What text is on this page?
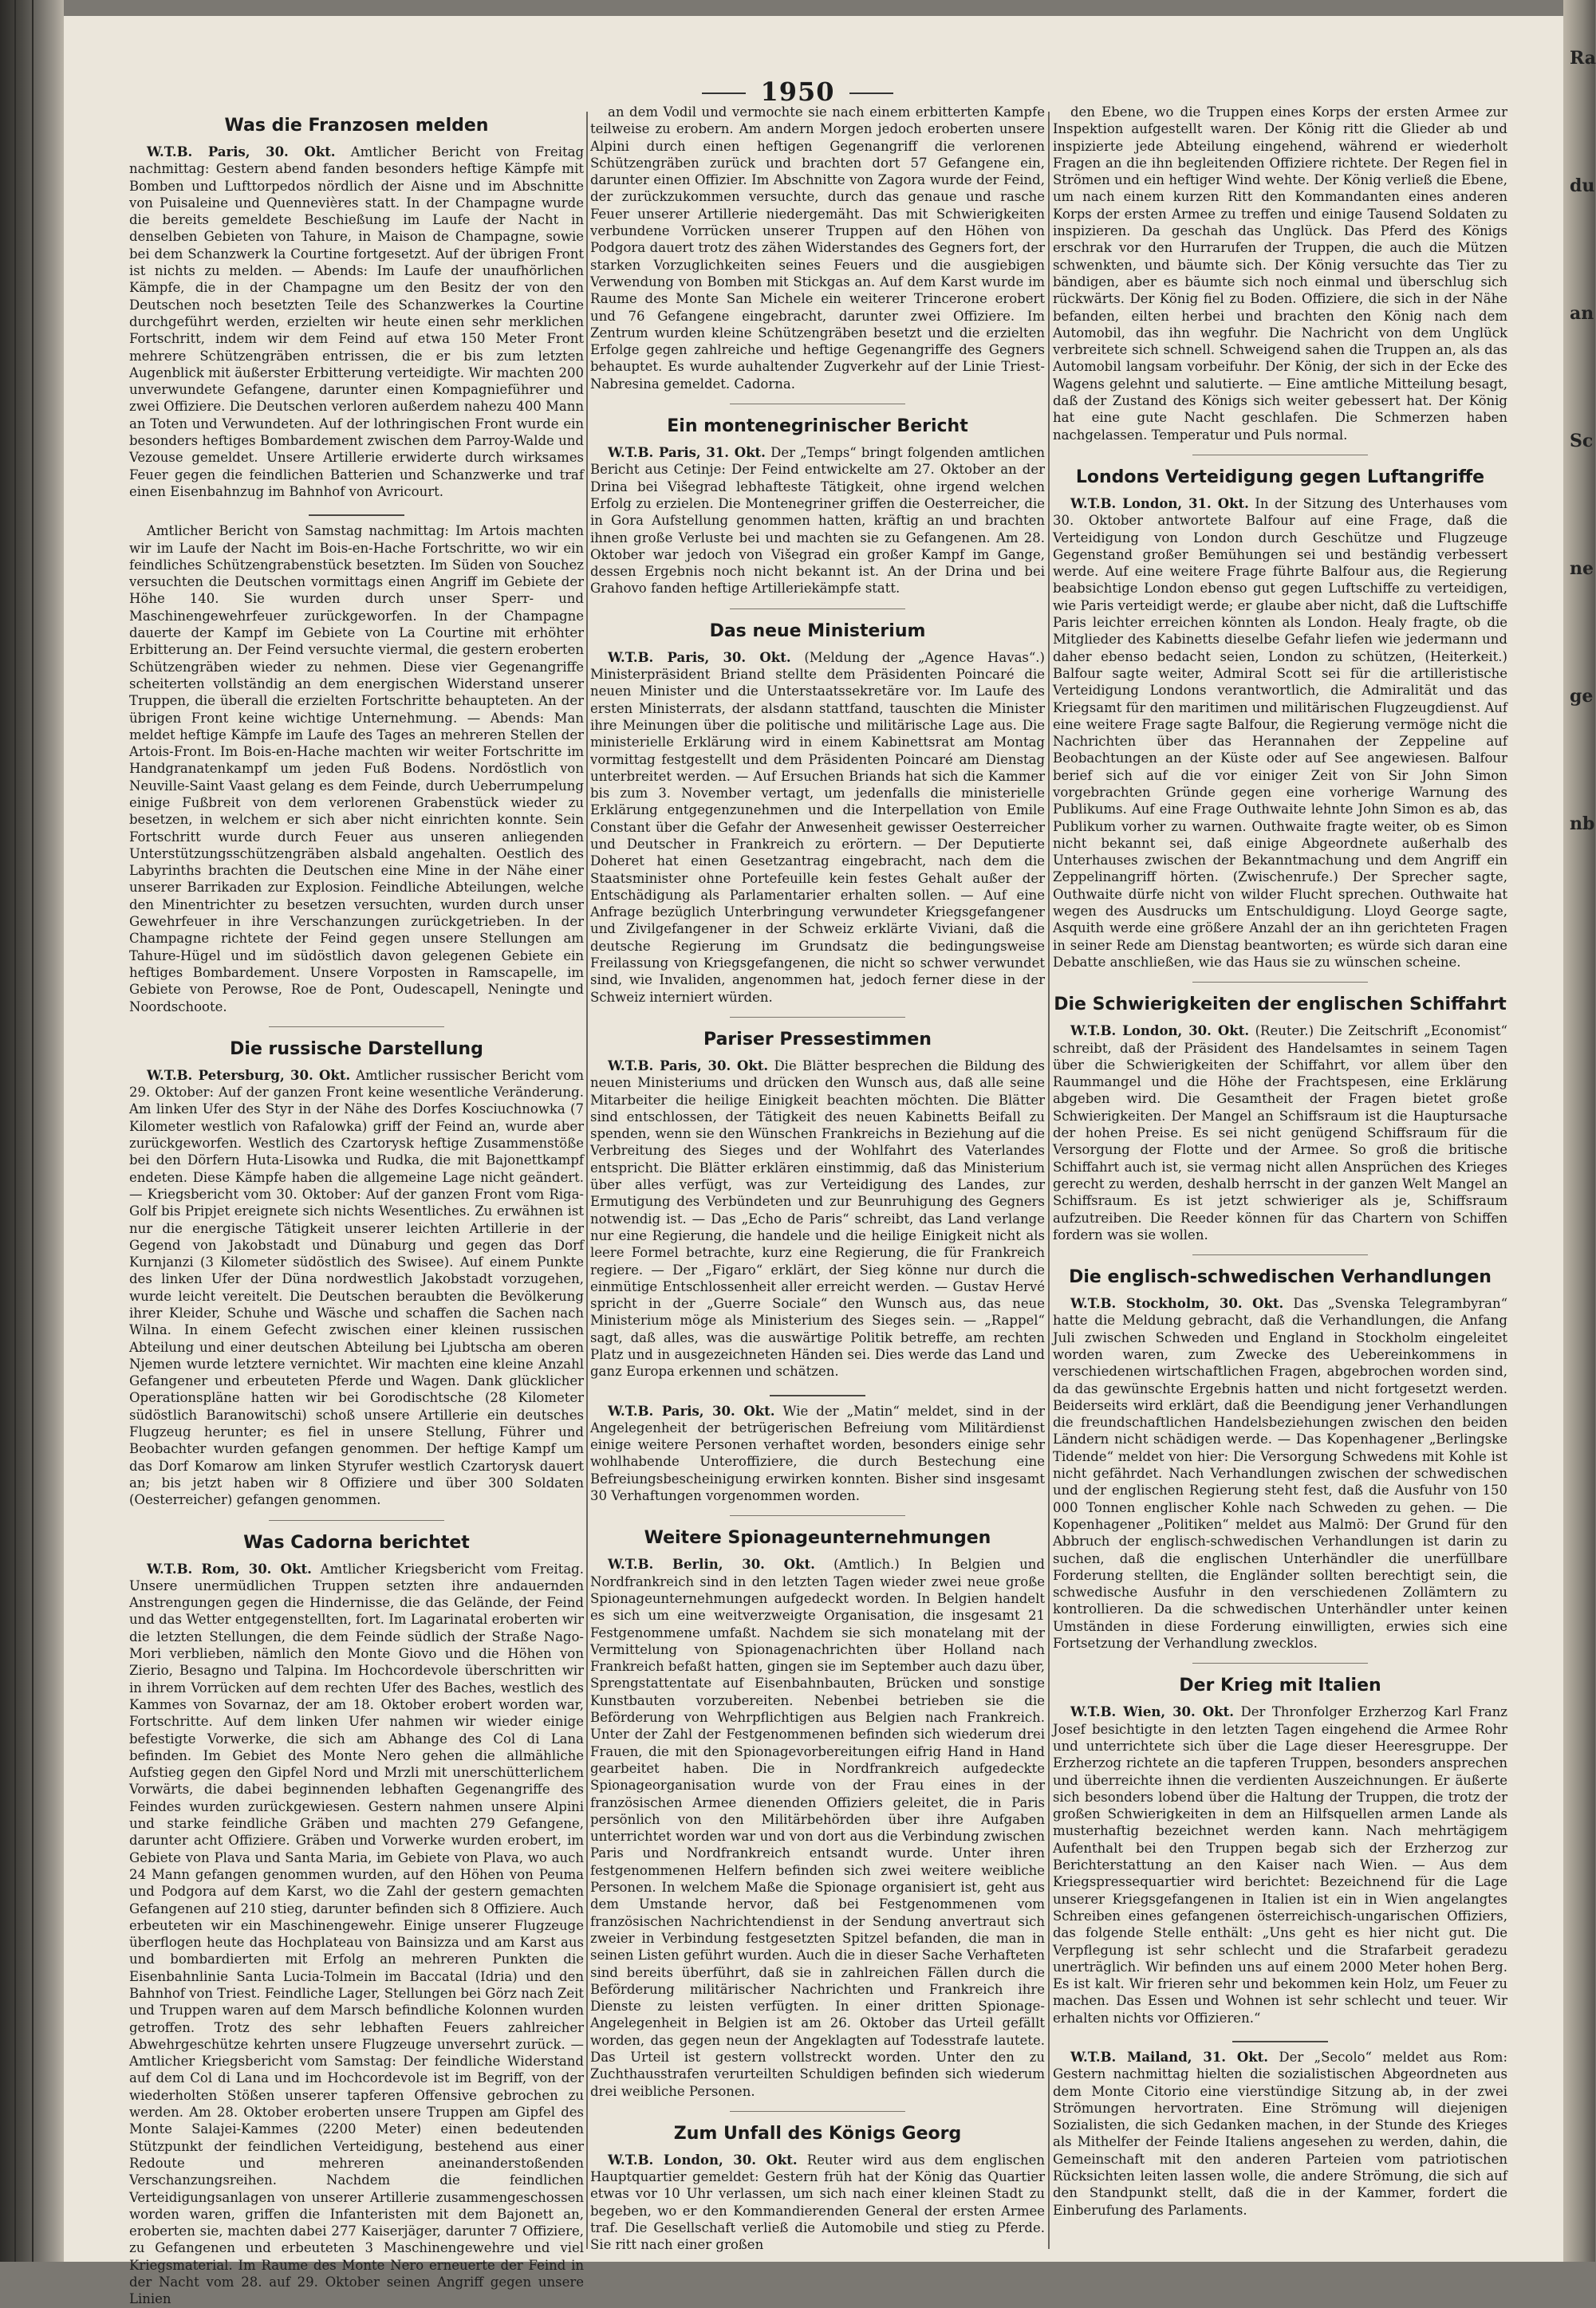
1950
Was die Franzosen melden

W.T.B. Paris, 30. Okt. Amtlicher Bericht von Freitag nachmittag: Gestern abend fanden besonders heftige Kämpfe mit Bomben und Lufttorpedos nördlich der Aisne und im Abschnitte von Puisaleine und Quennevières statt. In der Champagne wurde die bereits gemeldete Beschießung im Laufe der Nacht in denselben Gebieten von Tahure, in Maison de Champagne, sowie bei dem Schanzwerk la Courtine fortgesetzt. Auf der übrigen Front ist nichts zu melden. — Abends: Im Laufe der unaufhörlichen Kämpfe, die in der Champagne um den Besitz der von den Deutschen noch besetzten Teile des Schanzwerkes la Courtine durchgeführt werden, erzielten wir heute einen sehr merklichen Fortschritt, indem wir dem Feind auf etwa 150 Meter Front mehrere Schützengräben entrissen, die er bis zum letzten Augenblick mit äußerster Erbitterung verteidigte. Wir machten 200 unverwundete Gefangene, darunter einen Kompagnieführer und zwei Offiziere. Die Deutschen verloren außerdem nahezu 400 Mann an Toten und Verwundeten. Auf der lothringischen Front wurde ein besonders heftiges Bombardement zwischen dem Parroy-Walde und Vezouse gemeldet. Unsere Artillerie erwiderte durch wirksames Feuer gegen die feindlichen Batterien und Schanzwerke und traf einen Eisenbahnzug im Bahnhof von Avricourt.

Amtlicher Bericht von Samstag nachmittag: Im Artois machten wir im Laufe der Nacht im Bois-en-Hache Fortschritte, wo wir ein feindliches Schützengrabenstück besetzten. Im Süden von Souchez versuchten die Deutschen vormittags einen Angriff im Gebiete der Höhe 140. Sie wurden durch unser Sperr- und Maschinengewehrfeuer zurückgeworfen. In der Champagne dauerte der Kampf im Gebiete von La Courtine mit erhöhter Erbitterung an. Der Feind versuchte viermal, die gestern eroberten Schützengräben wieder zu nehmen. Diese vier Gegenangriffe scheiterten vollständig an dem energischen Widerstand unserer Truppen, die überall die erzielten Fortschritte behaupteten. An der übrigen Front keine wichtige Unternehmung. — Abends: Man meldet heftige Kämpfe im Laufe des Tages an mehreren Stellen der Artois-Front. Im Bois-en-Hache machten wir weiter Fortschritte im Handgranatenkampf um jeden Fuß Bodens. Nordöstlich von Neuville-Saint Vaast gelang es dem Feinde, durch Ueberrumpelung einige Fußbreit von dem verlorenen Grabenstück wieder zu besetzen, in welchem er sich aber nicht einrichten konnte. Sein Fortschritt wurde durch Feuer aus unseren anliegenden Unterstützungsschützengräben alsbald angehalten. Oestlich des Labyrinths brachten die Deutschen eine Mine in der Nähe einer unserer Barrikaden zur Explosion. Feindliche Abteilungen, welche den Minentrichter zu besetzen versuchten, wurden durch unser Gewehrfeuer in ihre Verschanzungen zurückgetrieben. In der Champagne richtete der Feind gegen unsere Stellungen am Tahure-Hügel und im südöstlich davon gelegenen Gebiete ein heftiges Bombardement. Unsere Vorposten in Ramscapelle, im Gebiete von Perowse, Roe de Pont, Oudescapell, Neningte und Noordschoote.

Die russische Darstellung

W.T.B. Petersburg, 30. Okt. Amtlicher russischer Bericht vom 29. Oktober: Auf der ganzen Front keine wesentliche Veränderung. Am linken Ufer des Styr in der Nähe des Dorfes Kosciuchnowka (7 Kilometer westlich von Rafalowka) griff der Feind an, wurde aber zurückgeworfen. Westlich des Czartorysk heftige Zusammenstöße bei den Dörfern Huta-Lisowka und Rudka, die mit Bajonettkampf endeten. Diese Kämpfe haben die allgemeine Lage nicht geändert. — Kriegsbericht vom 30. Oktober: Auf der ganzen Front vom Riga-Golf bis Pripjet ereignete sich nichts Wesentliches. Zu erwähnen ist nur die energische Tätigkeit unserer leichten Artillerie in der Gegend von Jakobstadt und Dünaburg und gegen das Dorf Kurnjanzi (3 Kilometer südöstlich des Swisee). Auf einem Punkte des linken Ufer der Düna nordwestlich Jakobstadt vorzugehen, wurde leicht vereitelt. Die Deutschen beraubten die Bevölkerung ihrer Kleider, Schuhe und Wäsche und schaffen die Sachen nach Wilna. In einem Gefecht zwischen einer kleinen russischen Abteilung und einer deutschen Abteilung bei Ljubtscha am oberen Njemen wurde letztere vernichtet. Wir machten eine kleine Anzahl Gefangener und erbeuteten Pferde und Wagen. Dank glücklicher Operationspläne hatten wir bei Gorodischtsche (28 Kilometer südöstlich Baranowitschi) schoß unsere Artillerie ein deutsches Flugzeug herunter; es fiel in unsere Stellung, Führer und Beobachter wurden gefangen genommen. Der heftige Kampf um das Dorf Komarow am linken Styrufer westlich Czartorysk dauert an; bis jetzt haben wir 8 Offiziere und über 300 Soldaten (Oesterreicher) gefangen genommen.

Was Cadorna berichtet

W.T.B. Rom, 30. Okt. Amtlicher Kriegsbericht vom Freitag. Unsere unermüdlichen Truppen setzten ihre andauernden Anstrengungen gegen die Hindernisse, die das Gelände, der Feind und das Wetter entgegenstellten, fort. Im Lagarinatal eroberten wir die letzten Stellungen, die dem Feinde südlich der Straße Nago-Mori verblieben, nämlich den Monte Giovo und die Höhen von Zierio, Besagno und Talpina. Im Hochcordevole überschritten wir in ihrem Vorrücken auf dem rechten Ufer des Baches, westlich des Kammes von Sovarnaz, der am 18. Oktober erobert worden war, Fortschritte. Auf dem linken Ufer nahmen wir wieder einige befestigte Vorwerke, die sich am Abhange des Col di Lana befinden. Im Gebiet des Monte Nero gehen die allmähliche Aufstieg gegen den Gipfel Nord und Mrzli mit unerschütterlichem Vorwärts, die dabei beginnenden lebhaften Gegenangriffe des Feindes wurden zurückgewiesen. Gestern nahmen unsere Alpini und starke feindliche Gräben und machten 279 Gefangene, darunter acht Offiziere. Gräben und Vorwerke wurden erobert, im Gebiete von Plava und Santa Maria, im Gebiete von Plava, wo auch 24 Mann gefangen genommen wurden, auf den Höhen von Peuma und Podgora auf dem Karst, wo die Zahl der gestern gemachten Gefangenen auf 210 stieg, darunter befinden sich 8 Offiziere. Auch erbeuteten wir ein Maschinengewehr. Einige unserer Flugzeuge überflogen heute das Hochplateau von Bainsizza und am Karst aus und bombardierten mit Erfolg an mehreren Punkten die Eisenbahnlinie Santa Lucia-Tolmein im Baccatal (Idria) und den Bahnhof von Triest. Feindliche Lager, Stellungen bei Görz nach Zeit und Truppen waren auf dem Marsch befindliche Kolonnen wurden getroffen. Trotz des sehr lebhaften Feuers zahlreicher Abwehrgeschütze kehrten unsere Flugzeuge unversehrt zurück. — Amtlicher Kriegsbericht vom Samstag: Der feindliche Widerstand auf dem Col di Lana und im Hochcordevole ist im Begriff, von der wiederholten Stößen unserer tapferen Offensive gebrochen zu werden. Am 28. Oktober eroberten unsere Truppen am Gipfel des Monte Salajei-Kammes (2200 Meter) einen bedeutenden Stützpunkt der feindlichen Verteidigung, bestehend aus einer Redoute und mehreren aneinanderstoßenden Verschanzungsreihen. Nachdem die feindlichen Verteidigungsanlagen von unserer Artillerie zusammengeschossen worden waren, griffen die Infanteristen mit dem Bajonett an, eroberten sie, machten dabei 277 Kaiserjäger, darunter 7 Offiziere, zu Gefangenen und erbeuteten 3 Maschinengewehre und viel Kriegsmaterial. Im Raume des Monte Nero erneuerte der Feind in der Nacht vom 28. auf 29. Oktober seinen Angriff gegen unsere Linien

an dem Vodil und vermochte sie nach einem erbitterten Kampfe teilweise zu erobern. Am andern Morgen jedoch eroberten unsere Alpini durch einen heftigen Gegenangriff die verlorenen Schützengräben zurück und brachten dort 57 Gefangene ein, darunter einen Offizier. Im Abschnitte von Zagora wurde der Feind, der zurückzukommen versuchte, durch das genaue und rasche Feuer unserer Artillerie niedergemäht. Das mit Schwierigkeiten verbundene Vorrücken unserer Truppen auf den Höhen von Podgora dauert trotz des zähen Widerstandes des Gegners fort, der starken Vorzuglichkeiten seines Feuers und die ausgiebigen Verwendung von Bomben mit Stickgas an. Auf dem Karst wurde im Raume des Monte San Michele ein weiterer Trincerone erobert und 76 Gefangene eingebracht, darunter zwei Offiziere. Im Zentrum wurden kleine Schützengräben besetzt und die erzielten Erfolge gegen zahlreiche und heftige Gegenangriffe des Gegners behauptet. Es wurde auhaltender Zugverkehr auf der Linie Triest-Nabresina gemeldet. Cadorna.

Ein montenegrinischer Bericht

W.T.B. Paris, 31. Okt. Der „Temps“ bringt folgenden amtlichen Bericht aus Cetinje: Der Feind entwickelte am 27. Oktober an der Drina bei Višegrad lebhafteste Tätigkeit, ohne irgend welchen Erfolg zu erzielen. Die Montenegriner griffen die Oesterreicher, die in Gora Aufstellung genommen hatten, kräftig an und brachten ihnen große Verluste bei und machten sie zu Gefangenen. Am 28. Oktober war jedoch von Višegrad ein großer Kampf im Gange, dessen Ergebnis noch nicht bekannt ist. An der Drina und bei Grahovo fanden heftige Artilleriekämpfe statt.

Das neue Ministerium

W.T.B. Paris, 30. Okt. (Meldung der „Agence Havas“.) Ministerpräsident Briand stellte dem Präsidenten Poincaré die neuen Minister und die Unterstaatssekretäre vor. Im Laufe des ersten Ministerrats, der alsdann stattfand, tauschten die Minister ihre Meinungen über die politische und militärische Lage aus. Die ministerielle Erklärung wird in einem Kabinettsrat am Montag vormittag festgestellt und dem Präsidenten Poincaré am Dienstag unterbreitet werden. — Auf Ersuchen Briands hat sich die Kammer bis zum 3. November vertagt, um jedenfalls die ministerielle Erklärung entgegenzunehmen und die Interpellation von Emile Constant über die Gefahr der Anwesenheit gewisser Oesterreicher und Deutscher in Frankreich zu erörtern. — Der Deputierte Doheret hat einen Gesetzantrag eingebracht, nach dem die Staatsminister ohne Portefeuille kein festes Gehalt außer der Entschädigung als Parlamentarier erhalten sollen. — Auf eine Anfrage bezüglich Unterbringung verwundeter Kriegsgefangener und Zivilgefangener in der Schweiz erklärte Viviani, daß die deutsche Regierung im Grundsatz die bedingungsweise Freilassung von Kriegsgefangenen, die nicht so schwer verwundet sind, wie Invaliden, angenommen hat, jedoch ferner diese in der Schweiz interniert würden.

Pariser Pressestimmen

W.T.B. Paris, 30. Okt. Die Blätter besprechen die Bildung des neuen Ministeriums und drücken den Wunsch aus, daß alle seine Mitarbeiter die heilige Einigkeit beachten möchten. Die Blätter sind entschlossen, der Tätigkeit des neuen Kabinetts Beifall zu spenden, wenn sie den Wünschen Frankreichs in Beziehung auf die Verbreitung des Sieges und der Wohlfahrt des Vaterlandes entspricht. Die Blätter erklären einstimmig, daß das Ministerium über alles verfügt, was zur Verteidigung des Landes, zur Ermutigung des Verbündeten und zur Beunruhigung des Gegners notwendig ist. — Das „Echo de Paris“ schreibt, das Land verlange nur eine Regierung, die handele und die heilige Einigkeit nicht als leere Formel betrachte, kurz eine Regierung, die für Frankreich regiere. — Der „Figaro“ erklärt, der Sieg könne nur durch die einmütige Entschlossenheit aller erreicht werden. — Gustav Hervé spricht in der „Guerre Sociale“ den Wunsch aus, das neue Ministerium möge als Ministerium des Sieges sein. — „Rappel“ sagt, daß alles, was die auswärtige Politik betreffe, am rechten Platz und in ausgezeichneten Händen sei. Dies werde das Land und ganz Europa erkennen und schätzen.

W.T.B. Paris, 30. Okt. Wie der „Matin“ meldet, sind in der Angelegenheit der betrügerischen Befreiung vom Militärdienst einige weitere Personen verhaftet worden, besonders einige sehr wohlhabende Unteroffiziere, die durch Bestechung eine Befreiungsbescheinigung erwirken konnten. Bisher sind insgesamt 30 Verhaftungen vorgenommen worden.

Weitere Spionageunternehmungen

W.T.B. Berlin, 30. Okt. (Amtlich.) In Belgien und Nordfrankreich sind in den letzten Tagen wieder zwei neue große Spionageunternehmungen aufgedeckt worden. In Belgien handelt es sich um eine weitverzweigte Organisation, die insgesamt 21 Festgenommene umfaßt. Nachdem sie sich monatelang mit der Vermittelung von Spionagenachrichten über Holland nach Frankreich befaßt hatten, gingen sie im September auch dazu über, Sprengstattentate auf Eisenbahnbauten, Brücken und sonstige Kunstbauten vorzubereiten. Nebenbei betrieben sie die Beförderung von Wehrpflichtigen aus Belgien nach Frankreich. Unter der Zahl der Festgenommenen befinden sich wiederum drei Frauen, die mit den Spionagevorbereitungen eifrig Hand in Hand gearbeitet haben. Die in Nordfrankreich aufgedeckte Spionageorganisation wurde von der Frau eines in der französischen Armee dienenden Offiziers geleitet, die in Paris persönlich von den Militärbehörden über ihre Aufgaben unterrichtet worden war und von dort aus die Verbindung zwischen Paris und Nordfrankreich entsandt wurde. Unter ihren festgenommenen Helfern befinden sich zwei weitere weibliche Personen. In welchem Maße die Spionage organisiert ist, geht aus dem Umstande hervor, daß bei Festgenommenen vom französischen Nachrichtendienst in der Sendung anvertraut sich zweier in Verbindung festgesetzten Spitzel befanden, die man in seinen Listen geführt wurden. Auch die in dieser Sache Verhafteten sind bereits überführt, daß sie in zahlreichen Fällen durch die Beförderung militärischer Nachrichten und Frankreich ihre Dienste zu leisten verfügten. In einer dritten Spionage-Angelegenheit in Belgien ist am 26. Oktober das Urteil gefällt worden, das gegen neun der Angeklagten auf Todesstrafe lautete. Das Urteil ist gestern vollstreckt worden. Unter den zu Zuchthausstrafen verurteilten Schuldigen befinden sich wiederum drei weibliche Personen.

Zum Unfall des Königs Georg

W.T.B. London, 30. Okt. Reuter wird aus dem englischen Hauptquartier gemeldet: Gestern früh hat der König das Quartier etwas vor 10 Uhr verlassen, um sich nach einer kleinen Stadt zu begeben, wo er den Kommandierenden General der ersten Armee traf. Die Gesellschaft verließ die Automobile und stieg zu Pferde. Sie ritt nach einer großen

den Ebene, wo die Truppen eines Korps der ersten Armee zur Inspektion aufgestellt waren. Der König ritt die Glieder ab und inspizierte jede Abteilung eingehend, während er wiederholt Fragen an die ihn begleitenden Offiziere richtete. Der Regen fiel in Strömen und ein heftiger Wind wehte. Der König verließ die Ebene, um nach einem kurzen Ritt den Kommandanten eines anderen Korps der ersten Armee zu treffen und einige Tausend Soldaten zu inspizieren. Da geschah das Unglück. Das Pferd des Königs erschrak vor den Hurrarufen der Truppen, die auch die Mützen schwenkten, und bäumte sich. Der König versuchte das Tier zu bändigen, aber es bäumte sich noch einmal und überschlug sich rückwärts. Der König fiel zu Boden. Offiziere, die sich in der Nähe befanden, eilten herbei und brachten den König nach dem Automobil, das ihn wegfuhr. Die Nachricht von dem Unglück verbreitete sich schnell. Schweigend sahen die Truppen an, als das Automobil langsam vorbeifuhr. Der König, der sich in der Ecke des Wagens gelehnt und salutierte. — Eine amtliche Mitteilung besagt, daß der Zustand des Königs sich weiter gebessert hat. Der König hat eine gute Nacht geschlafen. Die Schmerzen haben nachgelassen. Temperatur und Puls normal.

Londons Verteidigung gegen Luftangriffe

W.T.B. London, 31. Okt. In der Sitzung des Unterhauses vom 30. Oktober antwortete Balfour auf eine Frage, daß die Verteidigung von London durch Geschütze und Flugzeuge Gegenstand großer Bemühungen sei und beständig verbessert werde. Auf eine weitere Frage führte Balfour aus, die Regierung beabsichtige London ebenso gut gegen Luftschiffe zu verteidigen, wie Paris verteidigt werde; er glaube aber nicht, daß die Luftschiffe Paris leichter erreichen könnten als London. Healy fragte, ob die Mitglieder des Kabinetts dieselbe Gefahr liefen wie jedermann und daher ebenso bedacht seien, London zu schützen, (Heiterkeit.) Balfour sagte weiter, Admiral Scott sei für die artilleristische Verteidigung Londons verantwortlich, die Admiralität und das Kriegsamt für den maritimen und militärischen Flugzeugdienst. Auf eine weitere Frage sagte Balfour, die Regierung vermöge nicht die Nachrichten über das Herannahen der Zeppeline auf Beobachtungen an der Küste oder auf See angewiesen. Balfour berief sich auf die vor einiger Zeit von Sir John Simon vorgebrachten Gründe gegen eine vorherige Warnung des Publikums. Auf eine Frage Outhwaite lehnte John Simon es ab, das Publikum vorher zu warnen. Outhwaite fragte weiter, ob es Simon nicht bekannt sei, daß einige Abgeordnete außerhalb des Unterhauses zwischen der Bekanntmachung und dem Angriff ein Zeppelinangriff hörten. (Zwischenrufe.) Der Sprecher sagte, Outhwaite dürfe nicht von wilder Flucht sprechen. Outhwaite hat wegen des Ausdrucks um Entschuldigung. Lloyd George sagte, Asquith werde eine größere Anzahl der an ihn gerichteten Fragen in seiner Rede am Dienstag beantworten; es würde sich daran eine Debatte anschließen, wie das Haus sie zu wünschen scheine.

Die Schwierigkeiten der englischen Schiffahrt

W.T.B. London, 30. Okt. (Reuter.) Die Zeitschrift „Economist“ schreibt, daß der Präsident des Handelsamtes in seinem Tagen über die Schwierigkeiten der Schiffahrt, vor allem über den Raummangel und die Höhe der Frachtspesen, eine Erklärung abgeben wird. Die Gesamtheit der Fragen bietet große Schwierigkeiten. Der Mangel an Schiffsraum ist die Hauptursache der hohen Preise. Es sei nicht genügend Schiffsraum für die Versorgung der Flotte und der Armee. So groß die britische Schiffahrt auch ist, sie vermag nicht allen Ansprüchen des Krieges gerecht zu werden, deshalb herrscht in der ganzen Welt Mangel an Schiffsraum. Es ist jetzt schwieriger als je, Schiffsraum aufzutreiben. Die Reeder können für das Chartern von Schiffen fordern was sie wollen.

Die englisch-schwedischen Verhandlungen

W.T.B. Stockholm, 30. Okt. Das „Svenska Telegrambyran“ hatte die Meldung gebracht, daß die Verhandlungen, die Anfang Juli zwischen Schweden und England in Stockholm eingeleitet worden waren, zum Zwecke des Uebereinkommens in verschiedenen wirtschaftlichen Fragen, abgebrochen worden sind, da das gewünschte Ergebnis hatten und nicht fortgesetzt werden. Beiderseits wird erklärt, daß die Beendigung jener Verhandlungen die freundschaftlichen Handelsbeziehungen zwischen den beiden Ländern nicht schädigen werde. — Das Kopenhagener „Berlingske Tidende“ meldet von hier: Die Versorgung Schwedens mit Kohle ist nicht gefährdet. Nach Verhandlungen zwischen der schwedischen und der englischen Regierung steht fest, daß die Ausfuhr von 150 000 Tonnen englischer Kohle nach Schweden zu gehen. — Die Kopenhagener „Politiken“ meldet aus Malmö: Der Grund für den Abbruch der englisch-schwedischen Verhandlungen ist darin zu suchen, daß die englischen Unterhändler die unerfüllbare Forderung stellten, die Engländer sollten berechtigt sein, die schwedische Ausfuhr in den verschiedenen Zollämtern zu kontrollieren. Da die schwedischen Unterhändler unter keinen Umständen in diese Forderung einwilligten, erwies sich eine Fortsetzung der Verhandlung zwecklos.

Der Krieg mit Italien

W.T.B. Wien, 30. Okt. Der Thronfolger Erzherzog Karl Franz Josef besichtigte in den letzten Tagen eingehend die Armee Rohr und unterrichtete sich über die Lage dieser Heeresgruppe. Der Erzherzog richtete an die tapferen Truppen, besonders ansprechen und überreichte ihnen die verdienten Auszeichnungen. Er äußerte sich besonders lobend über die Haltung der Truppen, die trotz der großen Schwierigkeiten in dem an Hilfsquellen armen Lande als musterhaftig bezeichnet werden kann. Nach mehrtägigem Aufenthalt bei den Truppen begab sich der Erzherzog zur Berichterstattung an den Kaiser nach Wien. — Aus dem Kriegspressequartier wird berichtet: Bezeichnend für die Lage unserer Kriegsgefangenen in Italien ist ein in Wien angelangtes Schreiben eines gefangenen österreichisch-ungarischen Offiziers, das folgende Stelle enthält: „Uns geht es hier nicht gut. Die Verpflegung ist sehr schlecht und die Strafarbeit geradezu unerträglich. Wir befinden uns auf einem 2000 Meter hohen Berg. Es ist kalt. Wir frieren sehr und bekommen kein Holz, um Feuer zu machen. Das Essen und Wohnen ist sehr schlecht und teuer. Wir erhalten nichts vor Offizieren.“

W.T.B. Mailand, 31. Okt. Der „Secolo“ meldet aus Rom: Gestern nachmittag hielten die sozialistischen Abgeordneten aus dem Monte Citorio eine vierstündige Sitzung ab, in der zwei Strömungen hervortraten. Eine Strömung will diejenigen Sozialisten, die sich Gedanken machen, in der Stunde des Krieges als Mithelfer der Feinde Italiens angesehen zu werden, dahin, die Gemeinschaft mit den anderen Parteien vom patriotischen Rücksichten leiten lassen wolle, die andere Strömung, die sich auf den Standpunkt stellt, daß die in der Kammer, fordert die Einberufung des Parlaments.

Ra
du
an
Sc
ne
ge
nb
